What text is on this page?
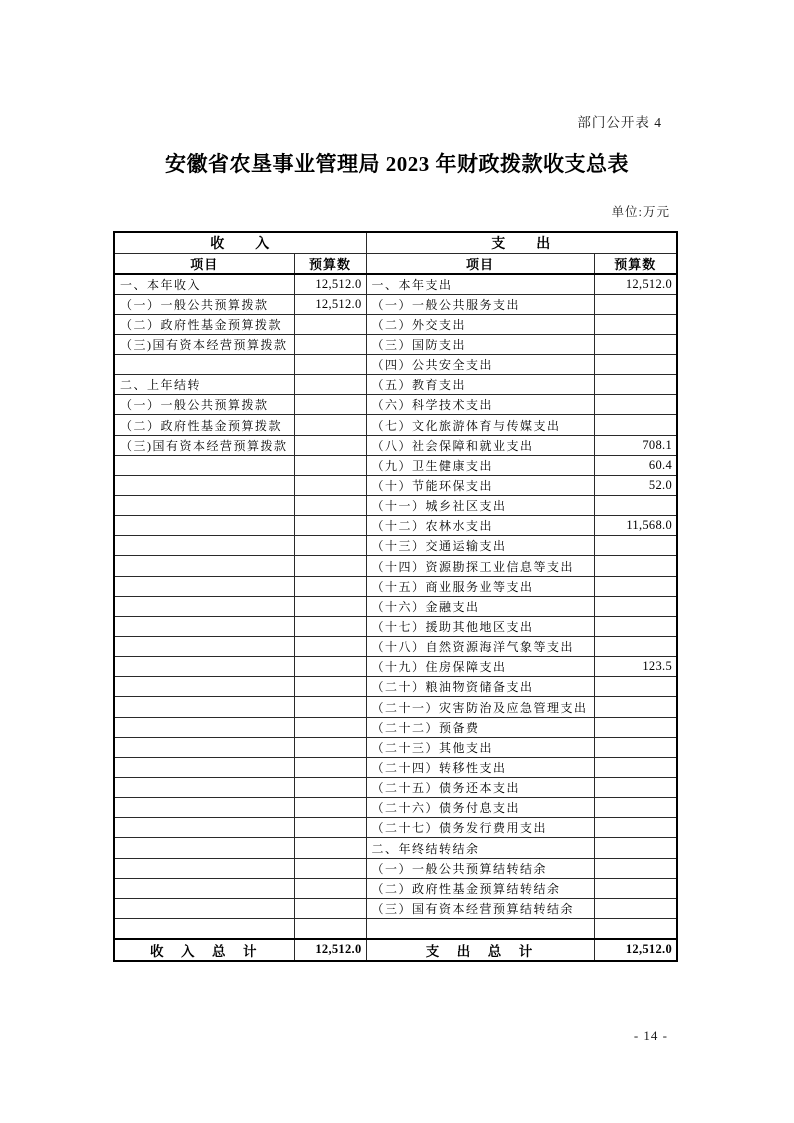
部门公开表 4
安徽省农垦事业管理局 2023 年财政拨款收支总表
单位:万元
收　　入		支　　出	
项目	预算数	项目	预算数
一、本年收入	12,512.0	一、本年支出	12,512.0
（一）一般公共预算拨款	12,512.0	（一）一般公共服务支出	
（二）政府性基金预算拨款		（二）外交支出	
（三)国有资本经营预算拨款		（三）国防支出	
		（四）公共安全支出	
二、上年结转		（五）教育支出	
（一）一般公共预算拨款		（六）科学技术支出	
（二）政府性基金预算拨款		（七）文化旅游体育与传媒支出	
（三)国有资本经营预算拨款		（八）社会保障和就业支出	708.1
		（九）卫生健康支出	60.4
		（十）节能环保支出	52.0
		（十一）城乡社区支出	
		（十二）农林水支出	11,568.0
		（十三）交通运输支出	
		（十四）资源勘探工业信息等支出	
		（十五）商业服务业等支出	
		（十六）金融支出	
		（十七）援助其他地区支出	
		（十八）自然资源海洋气象等支出	
		（十九）住房保障支出	123.5
		（二十）粮油物资储备支出	
		（二十一）灾害防治及应急管理支出	
		（二十二）预备费	
		（二十三）其他支出	
		（二十四）转移性支出	
		（二十五）债务还本支出	
		（二十六）债务付息支出	
		（二十七）债务发行费用支出	
		二、年终结转结余	
		（一）一般公共预算结转结余	
		（二）政府性基金预算结转结余	
		（三）国有资本经营预算结转结余	

收　入　总　计	12,512.0	支　出　总　计	12,512.0
- 14 -
